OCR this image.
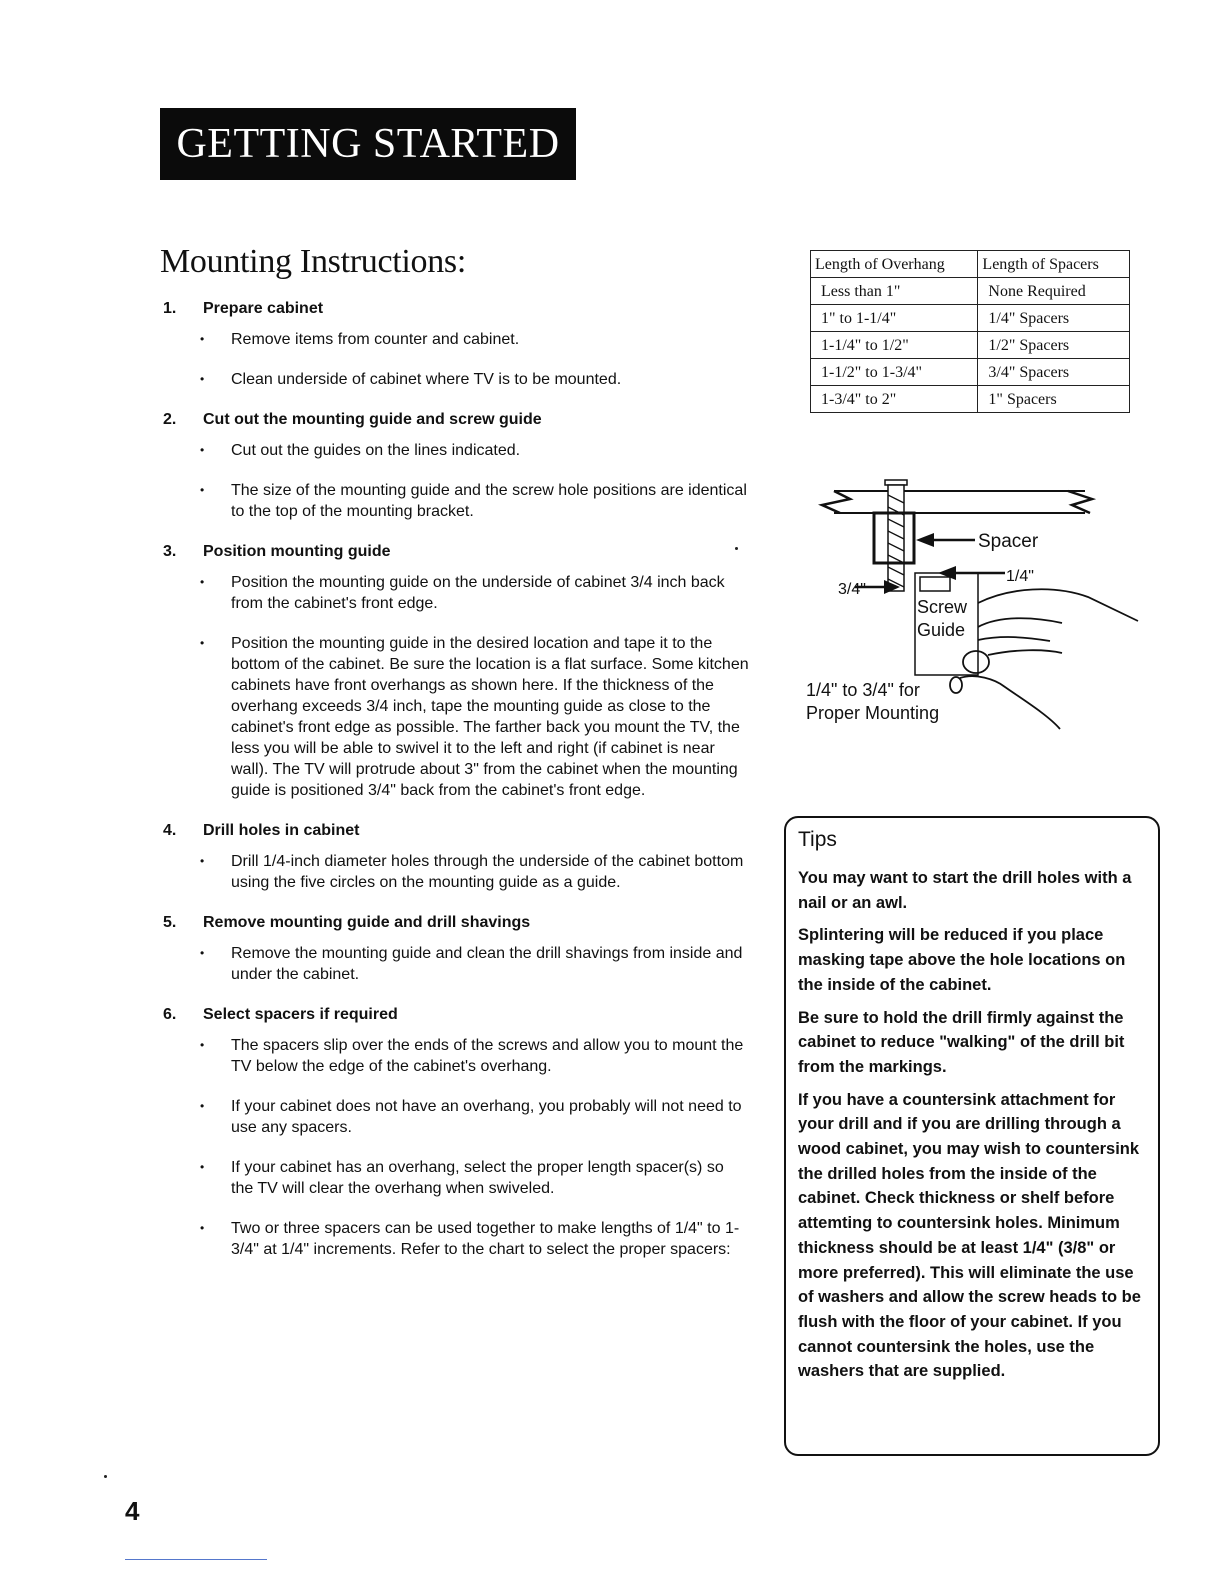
GETTING STARTED
Mounting Instructions:
1.	Prepare cabinet
• Remove items from counter and cabinet.
• Clean underside of cabinet where TV is to be mounted.
2.	Cut out the mounting guide and screw guide
• Cut out the guides on the lines indicated.
• The size of the mounting guide and the screw hole positions are identical to the top of the mounting bracket.
3.	Position mounting guide
• Position the mounting guide on the underside of cabinet 3/4 inch back from the cabinet's front edge.
• Position the mounting guide in the desired location and tape it to the bottom of the cabinet. Be sure the location is a flat surface. Some kitchen cabinets have front overhangs as shown here. If the thickness of the overhang exceeds 3/4 inch, tape the mounting guide as close to the cabinet's front edge as possible. The farther back you mount the TV, the less you will be able to swivel it to the left and right (if cabinet is near wall). The TV will protrude about 3" from the cabinet when the mounting guide is positioned 3/4" back from the cabinet's front edge.
4.	Drill holes in cabinet
• Drill 1/4-inch diameter holes through the underside of the cabinet bottom using the five circles on the mounting guide as a guide.
5.	Remove mounting guide and drill shavings
• Remove the mounting guide and clean the drill shavings from inside and under the cabinet.
6.	Select spacers if required
• The spacers slip over the ends of the screws and allow you to mount the TV below the edge of the cabinet's overhang.
• If your cabinet does not have an overhang, you probably will not need to use any spacers.
• If your cabinet has an overhang, select the proper length spacer(s) so the TV will clear the overhang when swiveled.
• Two or three spacers can be used together to make lengths of 1/4" to 1-3/4" at 1/4" increments. Refer to the chart to select the proper spacers:
Length of Overhang	Length of Spacers
Less than 1"	None Required
1" to 1-1/4"	1/4" Spacers
1-1/4" to 1/2"	1/2" Spacers
1-1/2" to 1-3/4"	3/4" Spacers
1-3/4" to 2"	1" Spacers
Spacer
1/4"
3/4"
Screw
Guide
1/4" to 3/4" for
Proper Mounting
Tips

You may want to start the drill holes with a nail or an awl.

Splintering will be reduced if you place masking tape above the hole locations on the inside of the cabinet.

Be sure to hold the drill firmly against the cabinet to reduce "walking" of the drill bit from the markings.

If you have a countersink attachment for your drill and if you are drilling through a wood cabinet, you may wish to countersink the drilled holes from the inside of the cabinet. Check thickness or shelf before attemting to countersink holes. Minimum thickness should be at least 1/4" (3/8" or more preferred). This will eliminate the use of washers and allow the screw heads to be flush with the floor of your cabinet. If you cannot countersink the holes, use the washers that are supplied.

4
